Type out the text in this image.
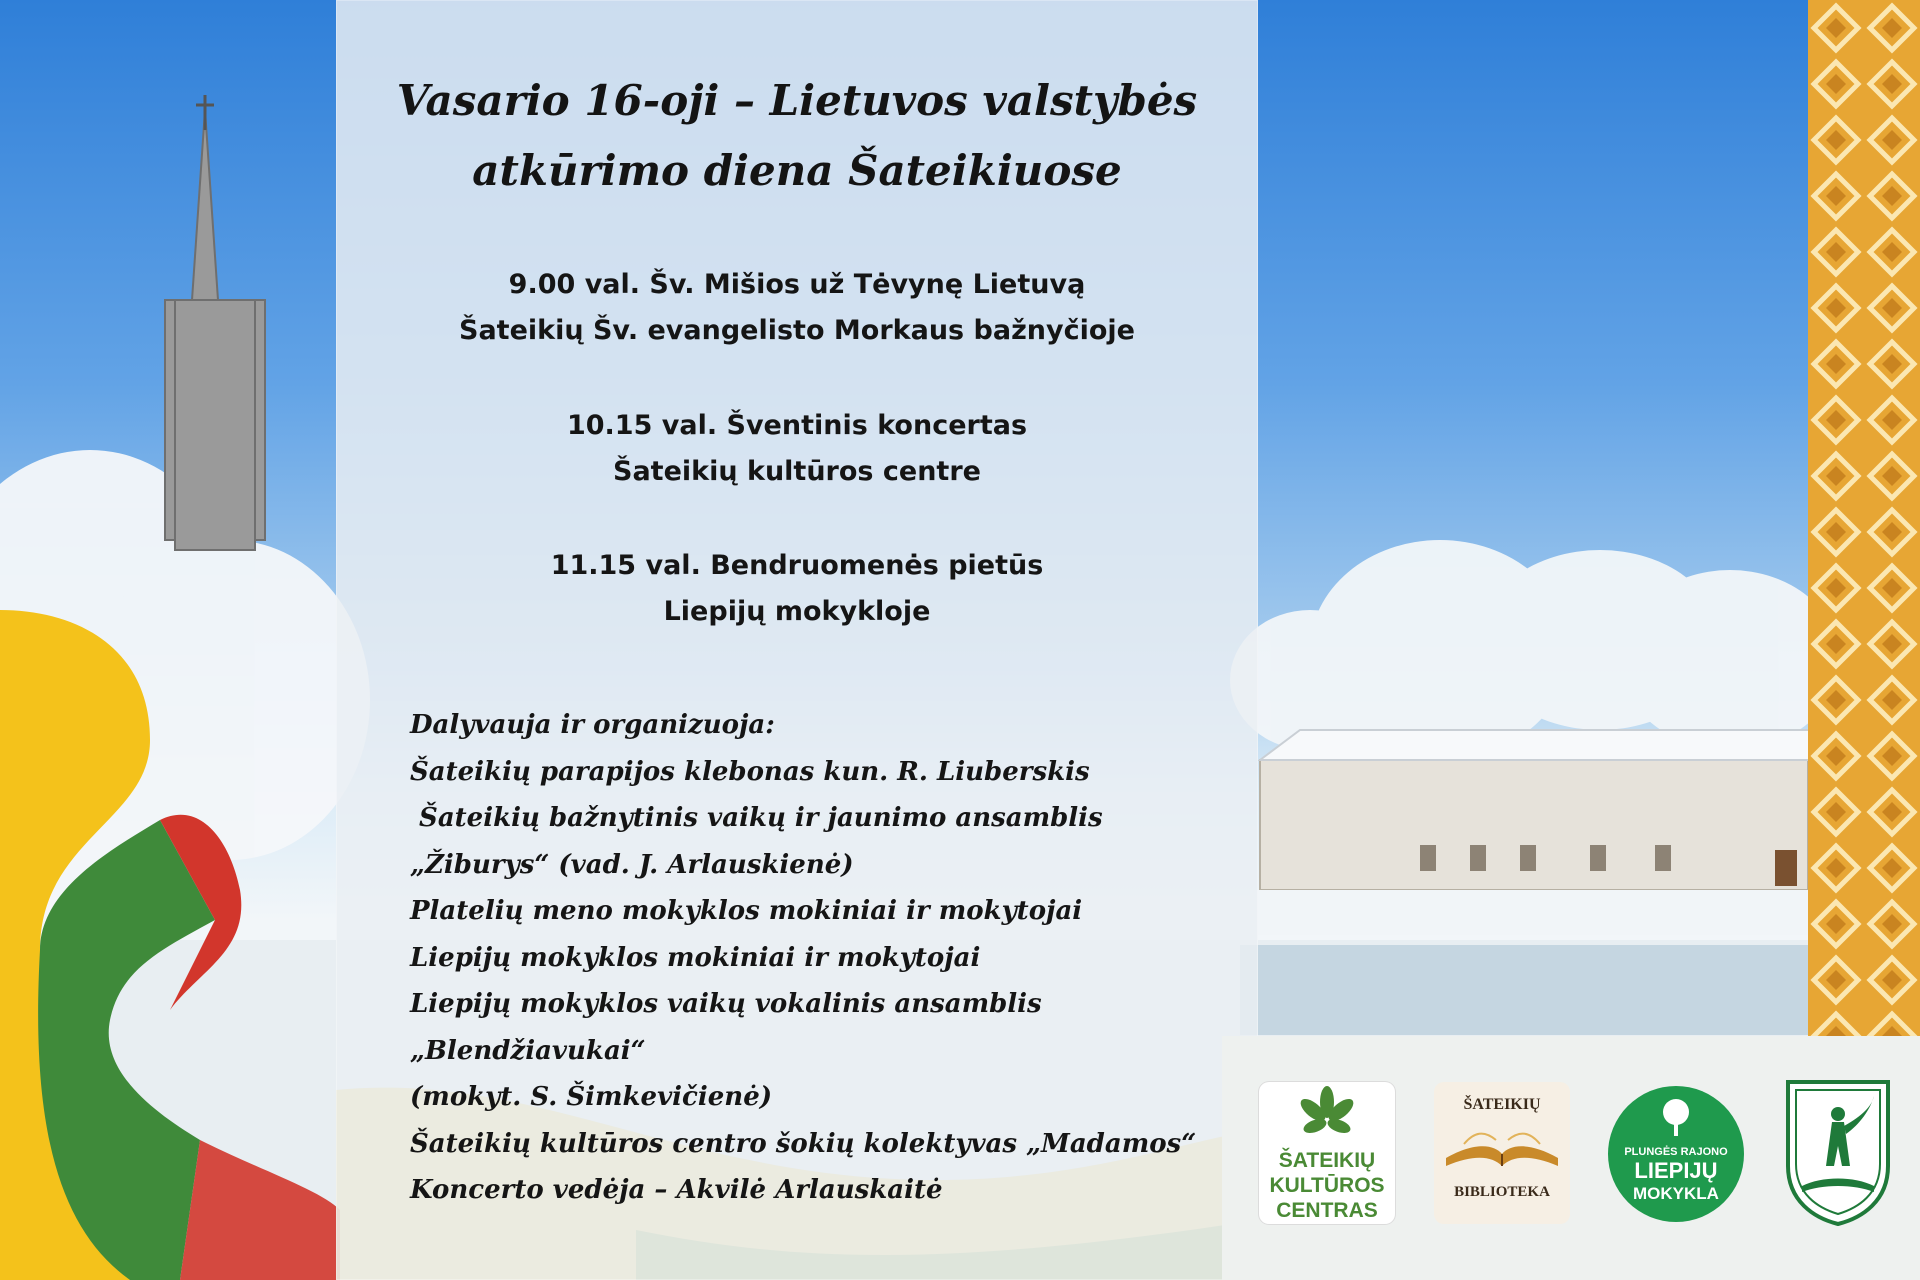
Vasario 16-oji – Lietuvos valstybės
atkūrimo diena Šateikiuose
9.00 val. Šv. Mišios už Tėvynę Lietuvą
Šateikių Šv. evangelisto Morkaus bažnyčioje
10.15 val. Šventinis koncertas
Šateikių kultūros centre
11.15 val. Bendruomenės pietūs
Liepijų mokykloje
Dalyvauja ir organizuoja:
Šateikių parapijos klebonas kun. R. Liuberskis
Šateikių bažnytinis vaikų ir jaunimo ansamblis
„Žiburys“ (vad. J. Arlauskienė)
Platelių meno mokyklos mokiniai ir mokytojai
Liepijų mokyklos mokiniai ir mokytojai
Liepijų mokyklos vaikų vokalinis ansamblis
„Blendžiavukai“
(mokyt. S. Šimkevičienė)
Šateikių kultūros centro šokių kolektyvas „Madamos“
Koncerto vedėja – Akvilė Arlauskaitė
ŠATEIKIŲ
KULTŪROS
CENTRAS
ŠATEIKIŲ
BIBLIOTEKA
PLUNGĖS RAJONO
LIEPIJŲ
MOKYKLA
